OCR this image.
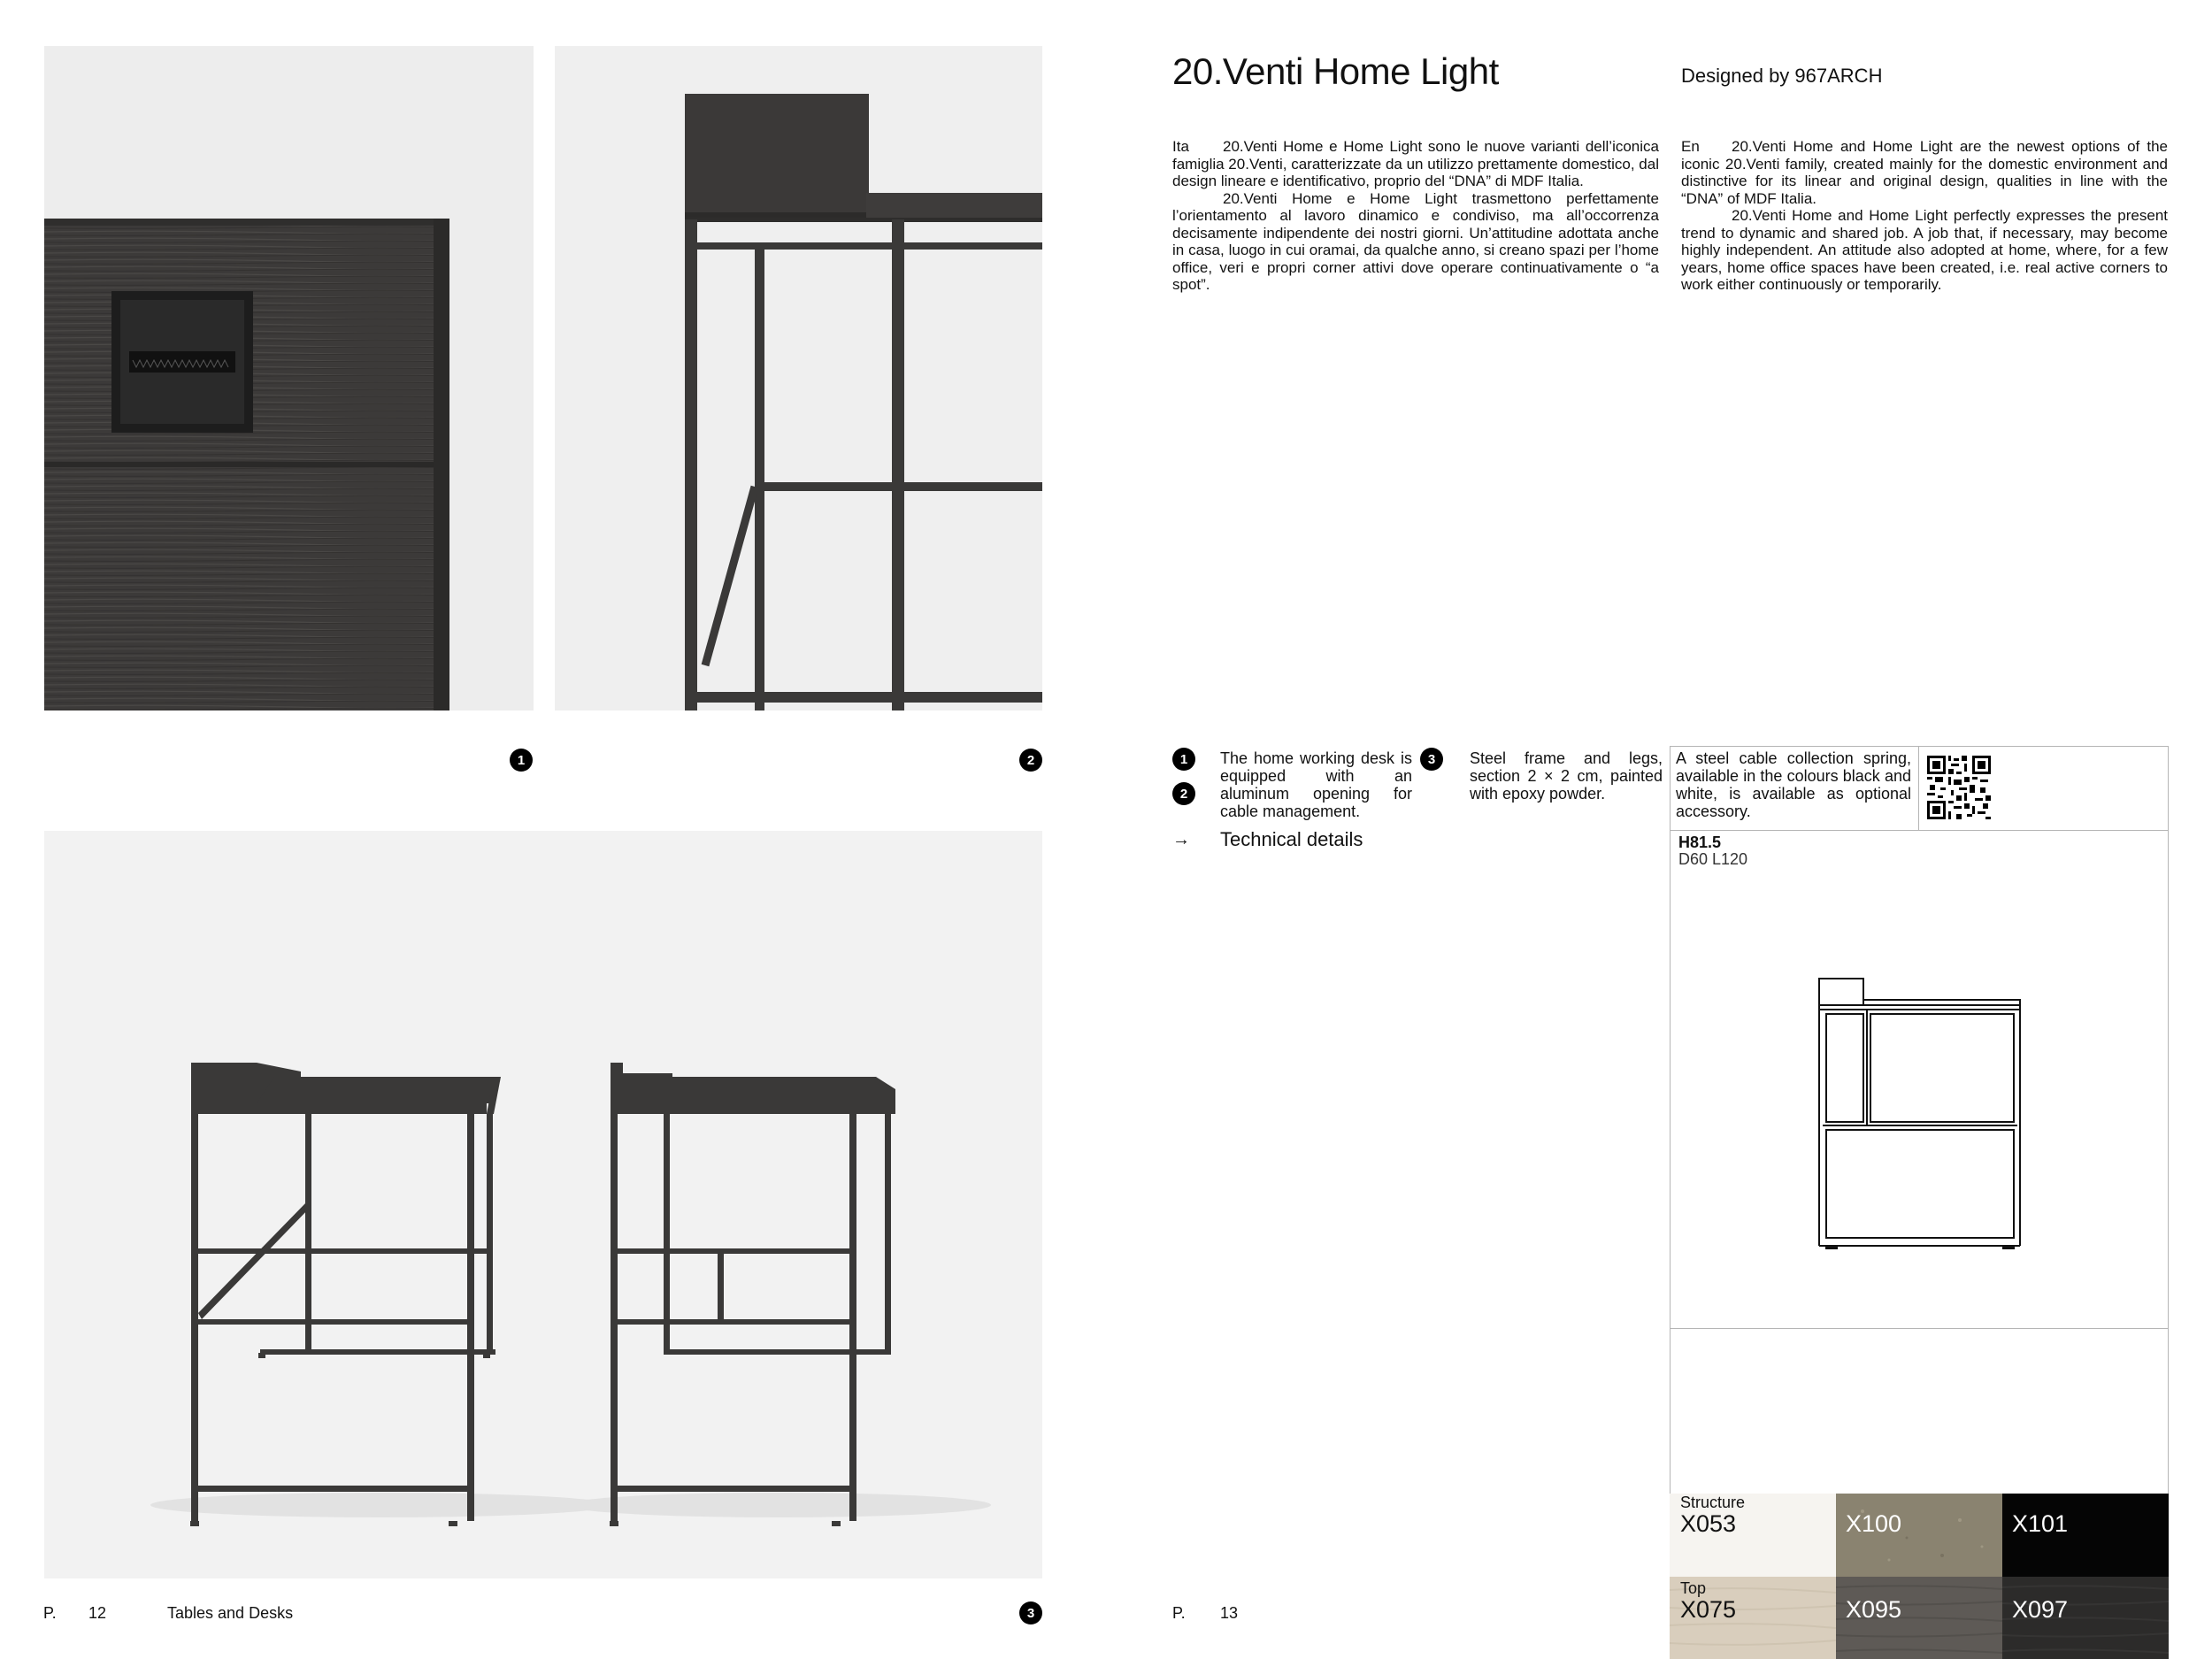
1	2
3
P. 12	Tables and Desks
20.Venti Home Light	Designed by 967ARCH

Ita 20.Venti Home e Home Light sono le nuove varianti dell’iconica famiglia 20.Venti, caratterizzate da un utilizzo prettamente domestico, dal design lineare e identificativo, proprio del “DNA” di MDF Italia.

20.Venti Home e Home Light trasmettono perfettamente l’orientamento al lavoro dinamico e condiviso, ma all’occorrenza decisamente indipendente dei nostri giorni. Un’attitudine adottata anche in casa, luogo in cui oramai, da qualche anno, si creano spazi per l’home office, veri e propri corner attivi dove operare continuativamente o “a spot”.

En 20.Venti Home and Home Light are the newest options of the iconic 20.Venti family, created mainly for the domestic environment and distinctive for its linear and original design, qualities in line with the “DNA” of MDF Italia.

20.Venti Home and Home Light perfectly expresses the present trend to dynamic and shared job. A job that, if necessary, may become highly independent. An attitude also adopted at home, where, for a few years, home office spaces have been created, i.e. real active corners to work either continuously or temporarily.

1
2
The home working desk is equipped with an aluminum opening for cable management.
3	Steel frame and legs, section 2 × 2 cm, painted with epoxy powder.
→ Technical details
A steel cable collection spring, available in the colours black and white, is available as optional accessory.
H81.5
D60 L120
Structure
X053	X100	X101
Top
X075	X095	X097
P. 13
